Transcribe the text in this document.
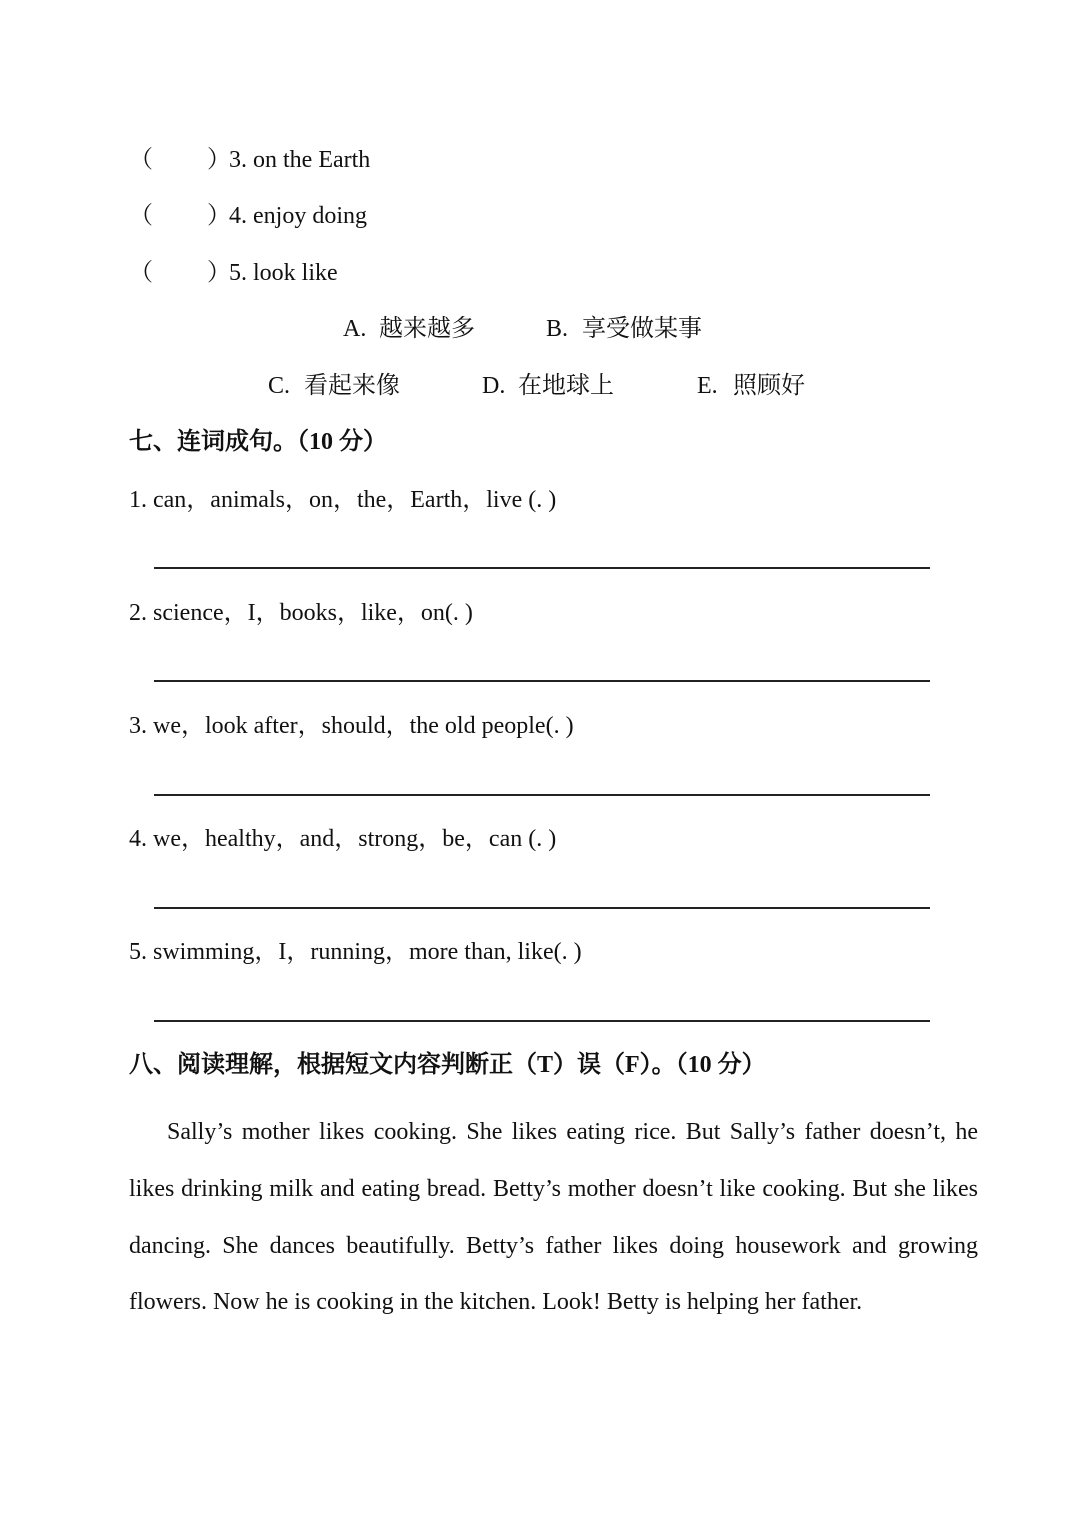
（ ）
3. on the Earth
（ ）
4. enjoy doing
（ ）
5. look like
A. 越来越多	B. 享受做某事
C. 看起来像	D. 在地球上	E. 照顾好
七、连词成句。（10 分）
1. can，animals，on，the，Earth，live (. )
2. science，I，books，like，on(. )
3. we，look after，should，the old people(. )
4. we，healthy，and，strong，be，can (. )
5. swimming，I，running，more than, like(. )
八、阅读理解，根据短文内容判断正（T）误（F）。（10 分）

Sally’s mother likes cooking. She likes eating rice. But Sally’s father doesn’t, he likes drinking milk and eating bread. Betty’s mother doesn’t like cooking. But she likes dancing. She dances beautifully. Betty’s father likes doing housework and growing flowers. Now he is cooking in the kitchen. Look! Betty is helping her father.
